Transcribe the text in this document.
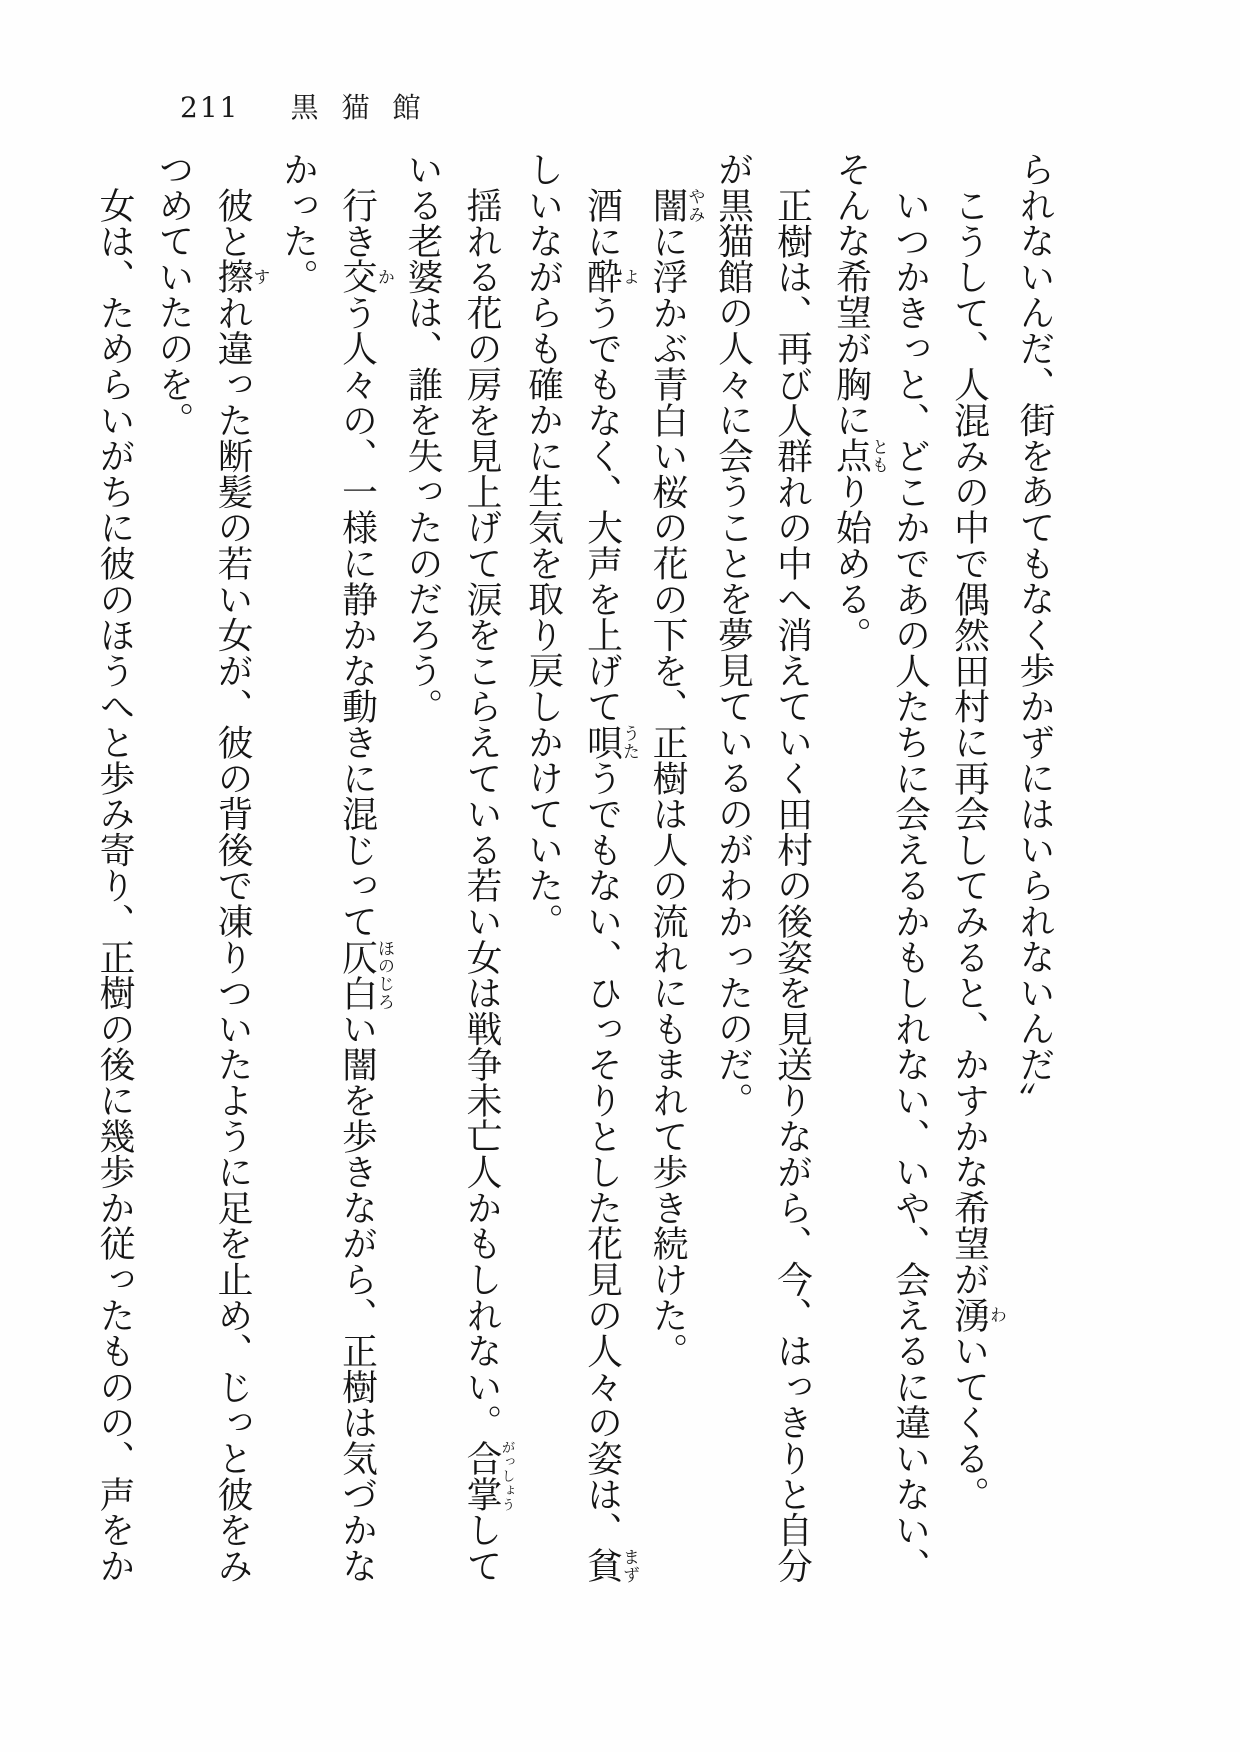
211 黒猫館

られないんだ、街をあてもなく歩かずにはいられないんだ〟

こうして、人混みの中で偶然田村に再会してみると、かすかな希望が湧わいてくる。

いつかきっと、どこかであの人たちに会えるかもしれない、いや、会えるに違いない、そんな希望が胸に点ともり始める。

正樹は、再び人群れの中へ消えていく田村の後姿を見送りながら、今、はっきりと自分が黒猫館の人々に会うことを夢見ているのがわかったのだ。

闇やみに浮かぶ青白い桜の花の下を、正樹は人の流れにもまれて歩き続けた。

酒に酔ようでもなく、大声を上げて唄うたうでもない、ひっそりとした花見の人々の姿は、貧まずしいながらも確かに生気を取り戻しかけていた。

揺れる花の房を見上げて涙をこらえている若い女は戦争未亡人かもしれない。合掌がっしょうしている老婆は、誰を失ったのだろう。

行き交かう人々の、一様に静かな動きに混じって仄白ほのじろい闇を歩きながら、正樹は気づかなかった。

彼と擦すれ違った断髪の若い女が、彼の背後で凍りついたように足を止め、じっと彼をみつめていたのを。

女は、ためらいがちに彼のほうへと歩み寄り、正樹の後に幾歩か従ったものの、声をか
